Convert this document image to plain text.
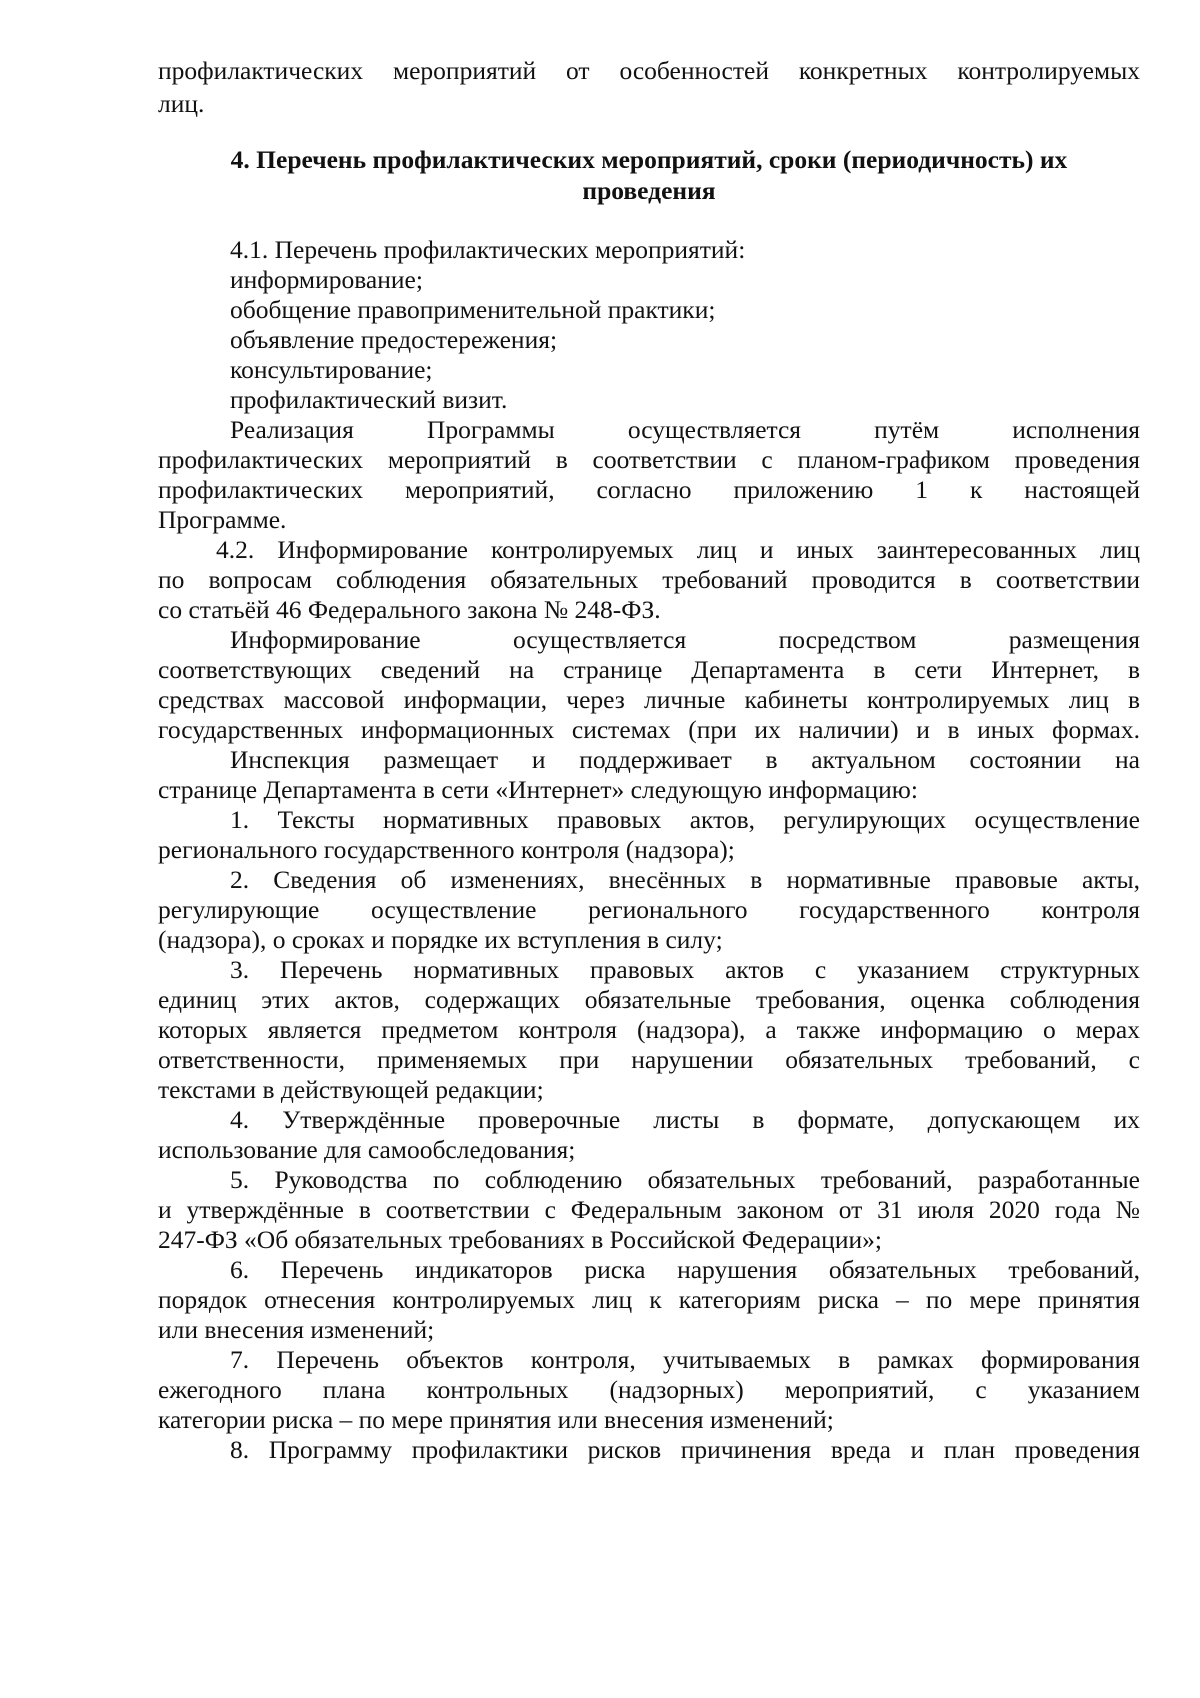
профилактических мероприятий от особенностей конкретных контролируемых
лиц.
4. Перечень профилактических мероприятий, сроки (периодичность) их
проведения
4.1. Перечень профилактических мероприятий:
информирование;
обобщение правоприменительной практики;
объявление предостережения;
консультирование;
профилактический визит.
Реализация Программы осуществляется путём исполнения
профилактических мероприятий в соответствии с планом-графиком проведения
профилактических мероприятий, согласно приложению 1 к настоящей
Программе.
4.2. Информирование контролируемых лиц и иных заинтересованных лиц
по вопросам соблюдения обязательных требований проводится в соответствии
со статьёй 46 Федерального закона № 248-ФЗ.
Информирование осуществляется посредством размещения
соответствующих сведений на странице Департамента в сети Интернет, в
средствах массовой информации, через личные кабинеты контролируемых лиц в
государственных информационных системах (при их наличии) и в иных формах.
Инспекция размещает и поддерживает в актуальном состоянии на
странице Департамента в сети «Интернет» следующую информацию:
1. Тексты нормативных правовых актов, регулирующих осуществление
регионального государственного контроля (надзора);
2. Сведения об изменениях, внесённых в нормативные правовые акты,
регулирующие осуществление регионального государственного контроля
(надзора), о сроках и порядке их вступления в силу;
3. Перечень нормативных правовых актов с указанием структурных
единиц этих актов, содержащих обязательные требования, оценка соблюдения
которых является предметом контроля (надзора), а также информацию о мерах
ответственности, применяемых при нарушении обязательных требований, с
текстами в действующей редакции;
4. Утверждённые проверочные листы в формате, допускающем их
использование для самообследования;
5. Руководства по соблюдению обязательных требований, разработанные
и утверждённые в соответствии с Федеральным законом от 31 июля 2020 года №
247-ФЗ «Об обязательных требованиях в Российской Федерации»;
6. Перечень индикаторов риска нарушения обязательных требований,
порядок отнесения контролируемых лиц к категориям риска – по мере принятия
или внесения изменений;
7. Перечень объектов контроля, учитываемых в рамках формирования
ежегодного плана контрольных (надзорных) мероприятий, с указанием
категории риска – по мере принятия или внесения изменений;
8. Программу профилактики рисков причинения вреда и план проведения
